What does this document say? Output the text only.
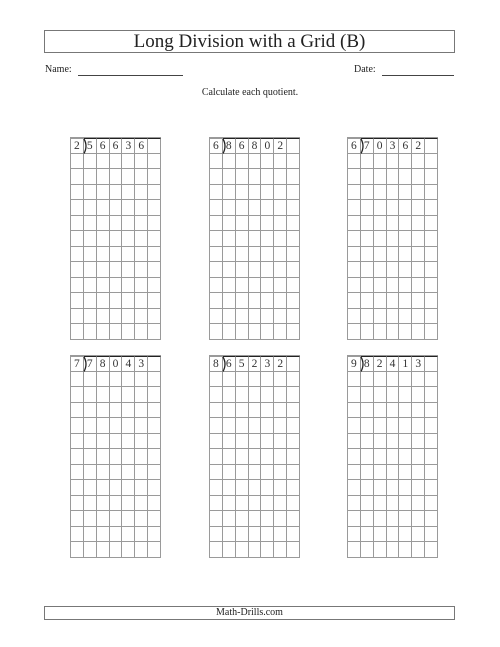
Long Division with a Grid (B)
Name:	Date:
Calculate each quotient.
2 5 6 6 3 6	6 8 6 8 0 2	6 7 0 3 6 2
7 7 8 0 4 3	8 6 5 2 3 2	9 8 2 4 1 3
Math-Drills.com
